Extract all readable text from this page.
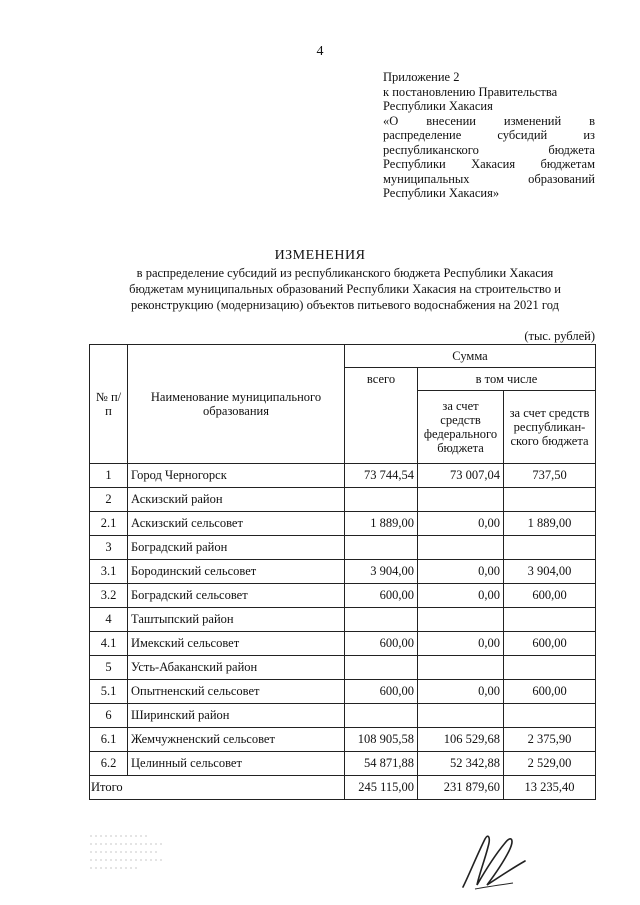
4
Приложение 2
к постановлению Правительства
Республики Хакасия
«О внесении изменений в
распределение субсидий из
республиканского бюджета
Республики Хакасия бюджетам
муниципальных образований
Республики Хакасия»
ИЗМЕНЕНИЯ
в распределение субсидий из республиканского бюджета Республики Хакасия
бюджетам муниципальных образований Республики Хакасия на строительство и
реконструкцию (модернизацию) объектов питьевого водоснабжения на 2021 год
(тыс. рублей)
№ п/п	Наименование муниципального образования	Сумма		
		всего	в том числе	
			за счет средств федерального бюджета	за счет средств республикан-ского бюджета
1	Город Черногорск	73 744,54	73 007,04	737,50
2	Аскизский район			
2.1	Аскизский сельсовет	1 889,00	0,00	1 889,00
3	Боградский район			
3.1	Бородинский сельсовет	3 904,00	0,00	3 904,00
3.2	Боградский сельсовет	600,00	0,00	600,00
4	Таштыпский район			
4.1	Имекский сельсовет	600,00	0,00	600,00
5	Усть-Абаканский район			
5.1	Опытненский сельсовет	600,00	0,00	600,00
6	Ширинский район			
6.1	Жемчужненский сельсовет	108 905,58	106 529,68	2 375,90
6.2	Целинный сельсовет	54 871,88	52 342,88	2 529,00
Итого		245 115,00	231 879,60	13 235,40
